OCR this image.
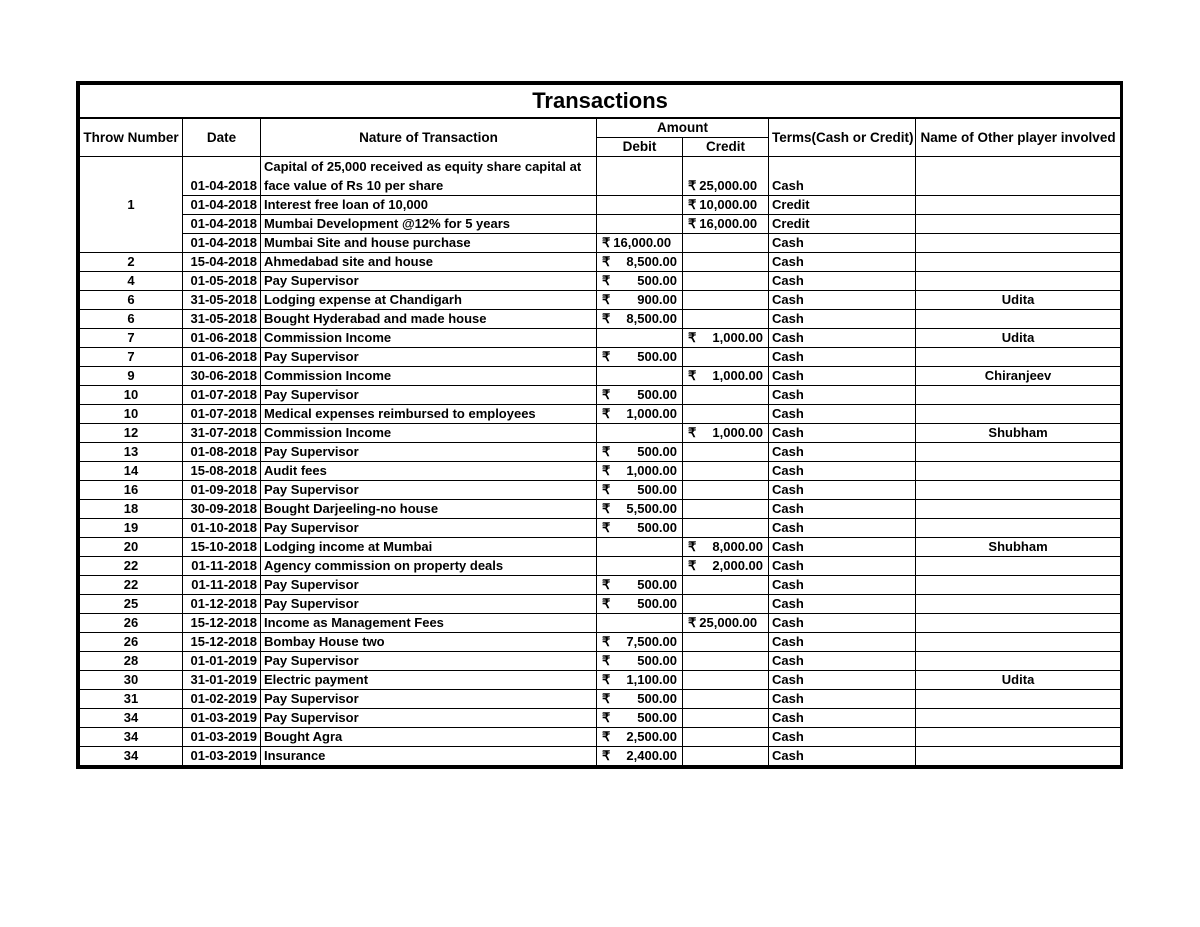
Transactions						
Throw Number	Date	Nature of Transaction	Amount		Terms(Cash or Credit)	Name of Other player involved
			Debit	Credit		
1	01-04-2018	Capital of 25,000 received as equity share capital at face value of Rs 10 per share		₹ 25,000.00	Cash	
	01-04-2018	Interest free loan of 10,000		₹ 10,000.00	Credit	
	01-04-2018	Mumbai Development @12% for 5 years		₹ 16,000.00	Credit	
	01-04-2018	Mumbai Site and house purchase	₹ 16,000.00		Cash	
2	15-04-2018	Ahmedabad site and house	₹ 8,500.00		Cash	
4	01-05-2018	Pay Supervisor	₹ 500.00		Cash	
6	31-05-2018	Lodging expense at Chandigarh	₹ 900.00		Cash	Udita
6	31-05-2018	Bought Hyderabad and made house	₹ 8,500.00		Cash	
7	01-06-2018	Commission Income		₹ 1,000.00	Cash	Udita
7	01-06-2018	Pay Supervisor	₹ 500.00		Cash	
9	30-06-2018	Commission Income		₹ 1,000.00	Cash	Chiranjeev
10	01-07-2018	Pay Supervisor	₹ 500.00		Cash	
10	01-07-2018	Medical expenses reimbursed to employees	₹ 1,000.00		Cash	
12	31-07-2018	Commission Income		₹ 1,000.00	Cash	Shubham
13	01-08-2018	Pay Supervisor	₹ 500.00		Cash	
14	15-08-2018	Audit fees	₹ 1,000.00		Cash	
16	01-09-2018	Pay Supervisor	₹ 500.00		Cash	
18	30-09-2018	Bought Darjeeling-no house	₹ 5,500.00		Cash	
19	01-10-2018	Pay Supervisor	₹ 500.00		Cash	
20	15-10-2018	Lodging income at Mumbai		₹ 8,000.00	Cash	Shubham
22	01-11-2018	Agency commission on property deals		₹ 2,000.00	Cash	
22	01-11-2018	Pay Supervisor	₹ 500.00		Cash	
25	01-12-2018	Pay Supervisor	₹ 500.00		Cash	
26	15-12-2018	Income as Management Fees		₹ 25,000.00	Cash	
26	15-12-2018	Bombay House two	₹ 7,500.00		Cash	
28	01-01-2019	Pay Supervisor	₹ 500.00		Cash	
30	31-01-2019	Electric payment	₹ 1,100.00		Cash	Udita
31	01-02-2019	Pay Supervisor	₹ 500.00		Cash	
34	01-03-2019	Pay Supervisor	₹ 500.00		Cash	
34	01-03-2019	Bought Agra	₹ 2,500.00		Cash	
34	01-03-2019	Insurance	₹ 2,400.00		Cash	
